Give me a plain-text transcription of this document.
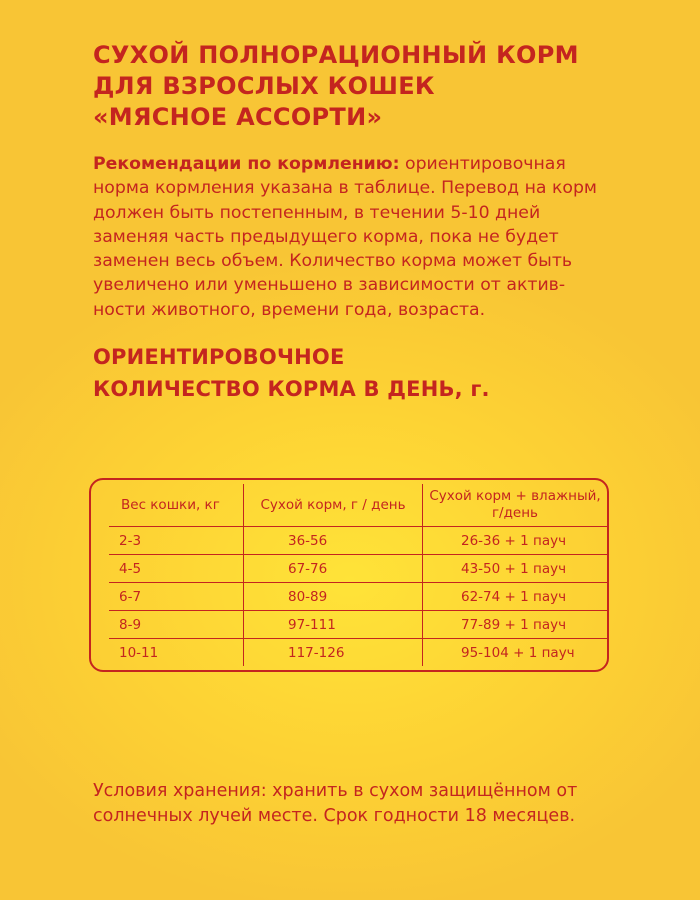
СУХОЙ ПОЛНОРАЦИОННЫЙ КОРМ
ДЛЯ ВЗРОСЛЫХ КОШЕК
«МЯСНОЕ АССОРТИ»

Рекомендации по кормлению: ориентировочная норма кормления указана в таблице. Перевод на корм должен быть постепенным, в течении 5-10 дней заменяя часть предыдущего корма, пока не будет заменен весь объем. Количество корма может быть увеличено или уменьшено в зависимости от актив-ности животного, времени года, возраста.

ОРИЕНТИРОВОЧНОЕ
КОЛИЧЕСТВО КОРМА В ДЕНЬ, г.
Вес кошки, кг	Сухой корм, г / день	Сухой корм + влажный, г/день
2-3	36-56	26-36 + 1 пауч
4-5	67-76	43-50 + 1 пауч
6-7	80-89	62-74 + 1 пауч
8-9	97-111	77-89 + 1 пауч
10-11	117-126	95-104 + 1 пауч

Условия хранения: хранить в сухом защищённом от солнечных лучей месте. Срок годности 18 месяцев.
